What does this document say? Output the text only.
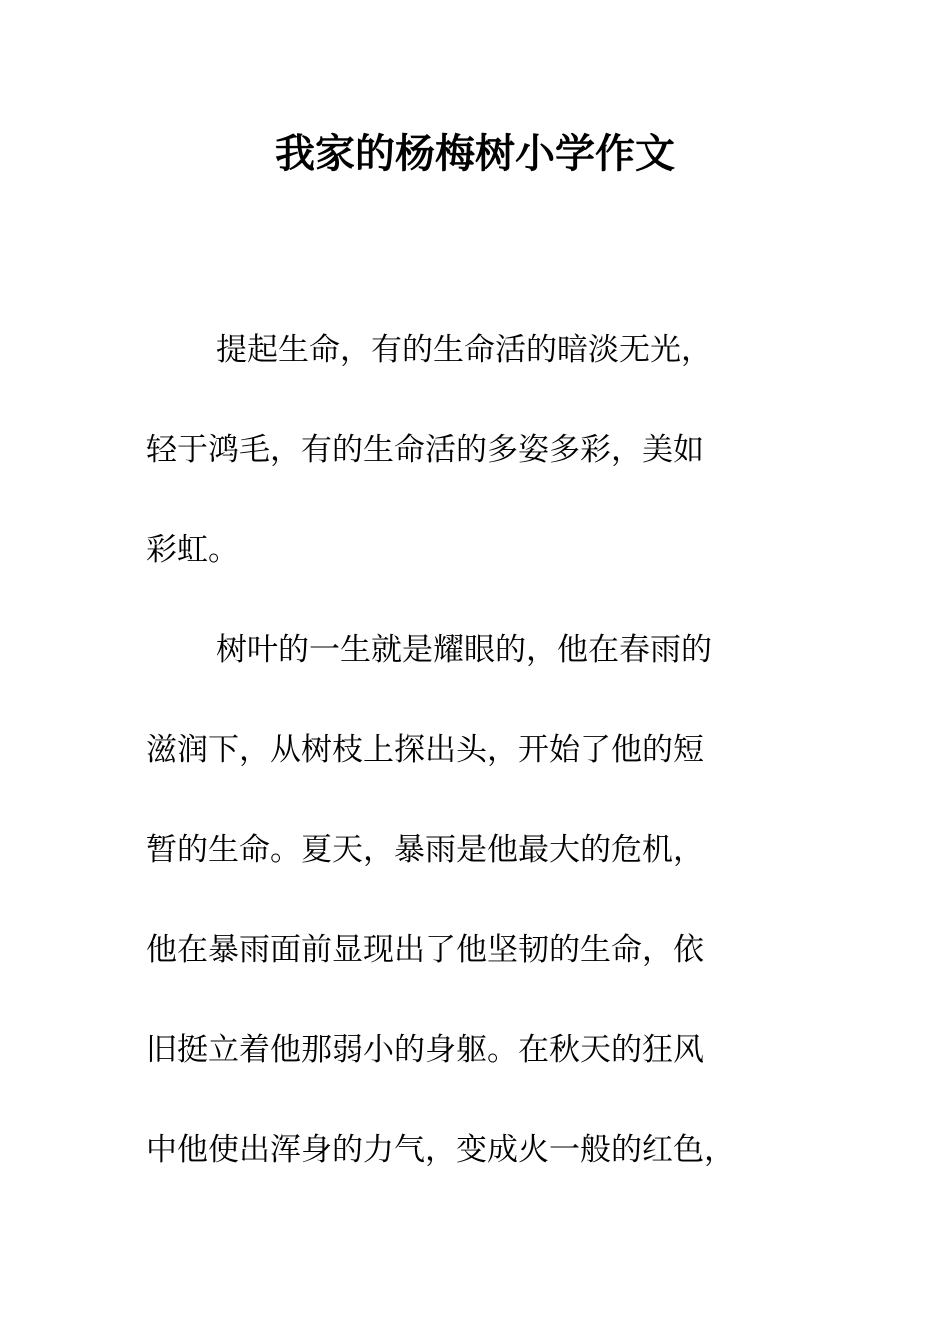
我家的杨梅树小学作文
提起生命，有的生命活的暗淡无光，
轻于鸿毛，有的生命活的多姿多彩，美如
彩虹。
树叶的一生就是耀眼的，他在春雨的
滋润下，从树枝上探出头，开始了他的短
暂的生命。夏天，暴雨是他最大的危机，
他在暴雨面前显现出了他坚韧的生命，依
旧挺立着他那弱小的身躯。在秋天的狂风
中他使出浑身的力气，变成火一般的红色，
